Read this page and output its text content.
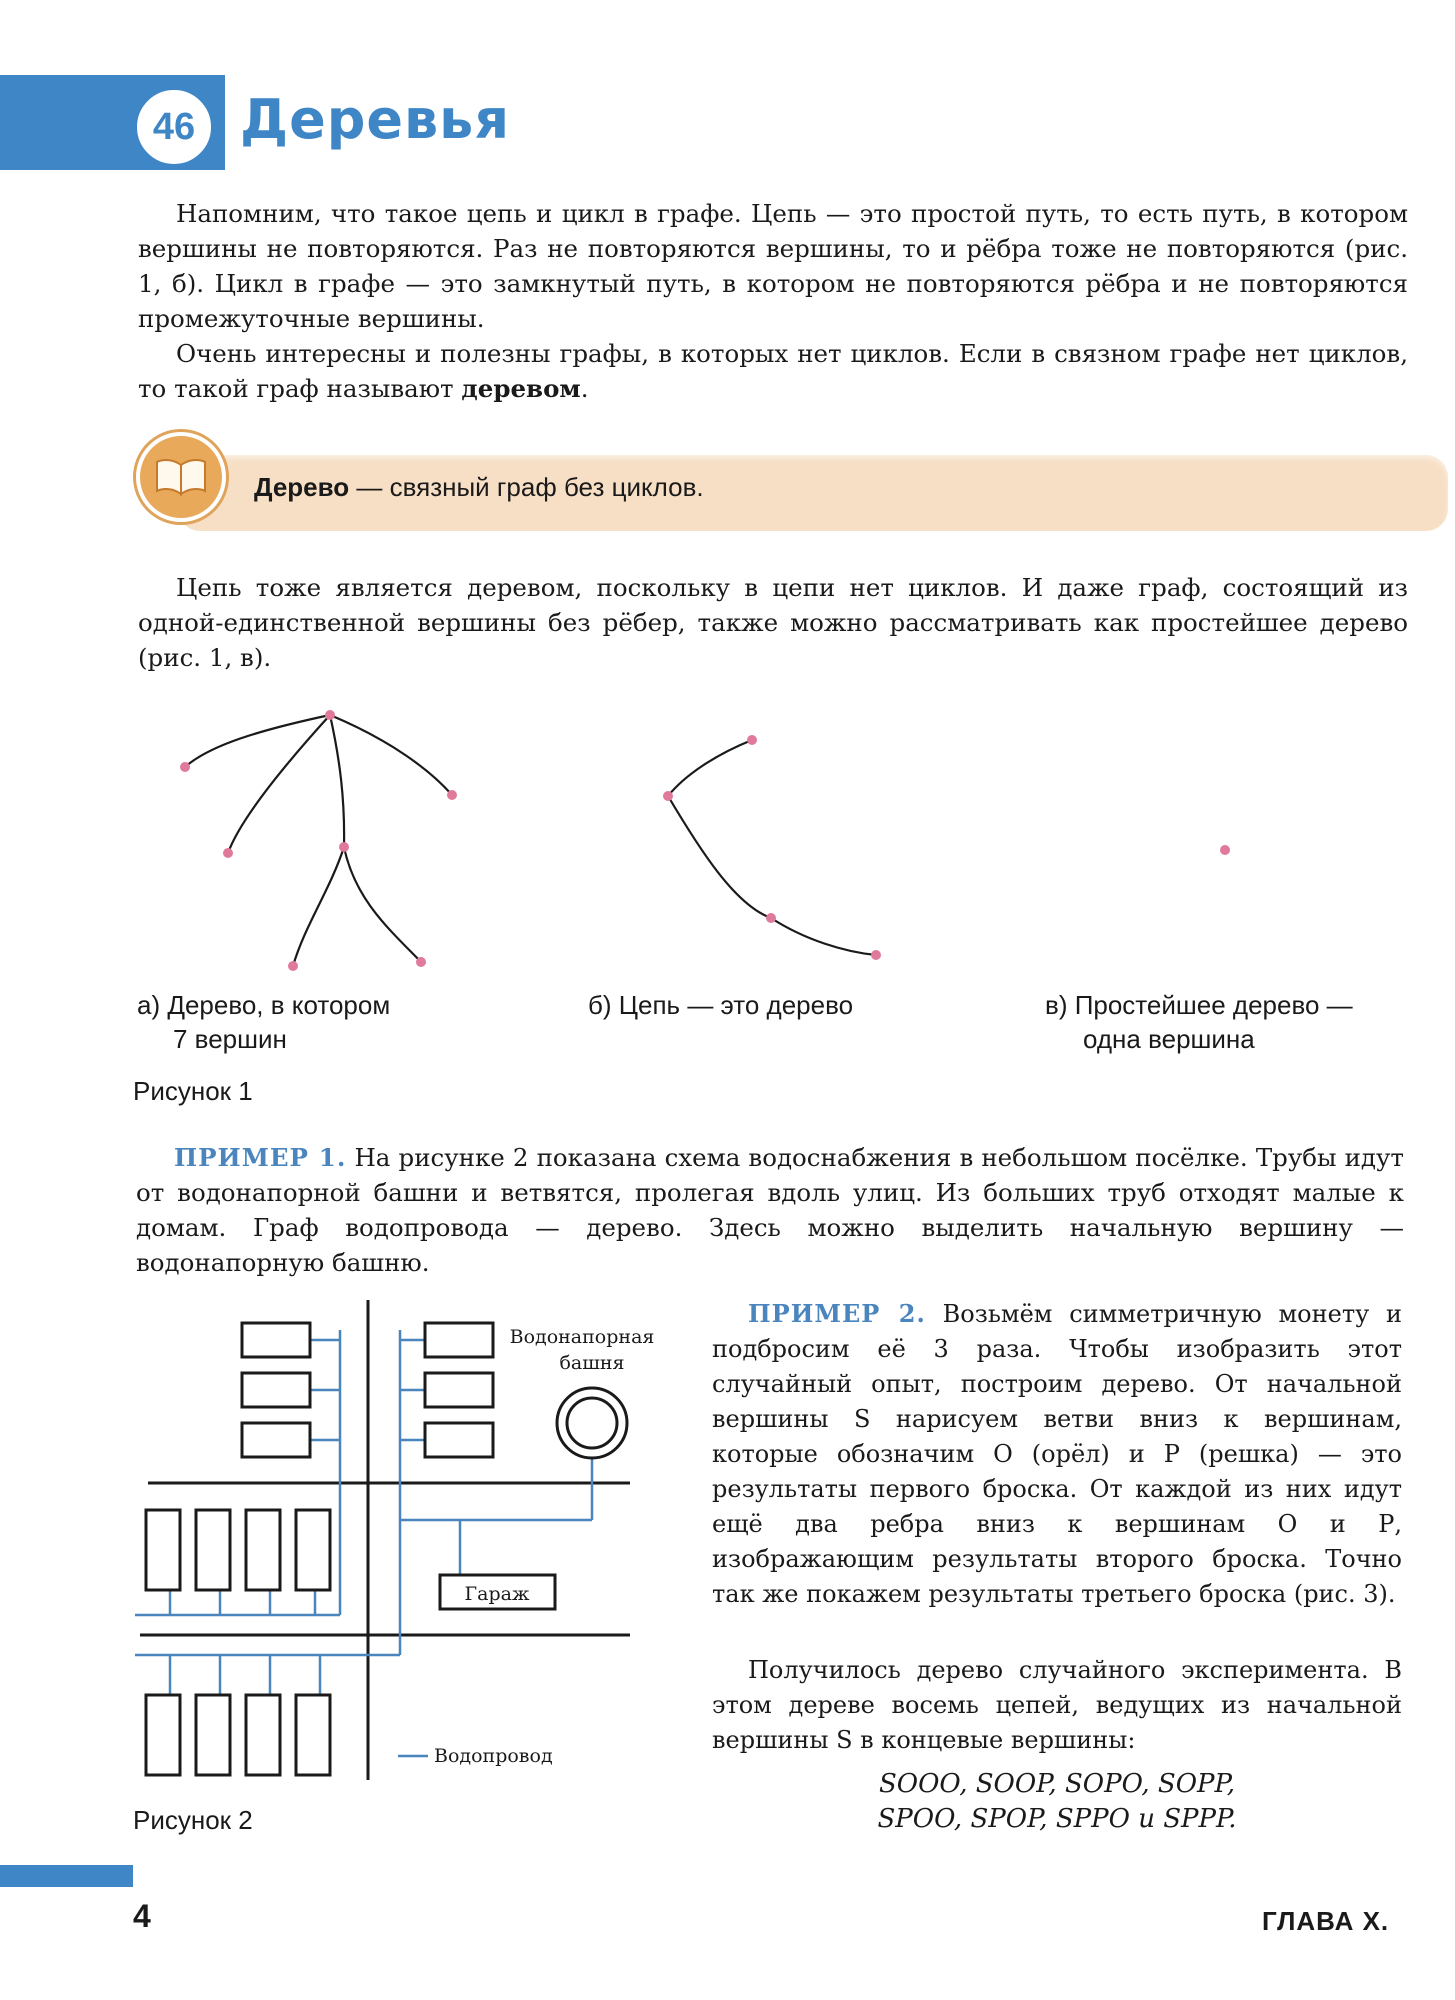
46 Деревья

Напомним, что такое цепь и цикл в графе. Цепь — это простой путь, то есть путь, в котором вершины не повторяются. Раз не повторяются вершины, то и рёбра тоже не повторяются (рис. 1, б). Цикл в графе — это замкнутый путь, в котором не повторяются рёбра и не повторяются промежуточные вершины.

Очень интересны и полезны графы, в которых нет циклов. Если в связном графе нет циклов, то такой граф называют деревом.

Дерево — связный граф без циклов.

Цепь тоже является деревом, поскольку в цепи нет циклов. И даже граф, состоящий из одной-единственной вершины без рёбер, также можно рассматривать как простейшее дерево (рис. 1, в).

а) Дерево, в котором
7 вершин
б) Цепь — это дерево	в) Простейшее дерево —
одна вершина
Рисунок 1

ПРИМЕР 1. На рисунке 2 показана схема водоснабжения в небольшом посёлке. Трубы идут от водонапорной башни и ветвятся, пролегая вдоль улиц. Из больших труб отходят малые к домам. Граф водопровода — дерево. Здесь можно выделить начальную вершину — водонапорную башню.

Водонапорная
башня
Гараж
Водопровод
Рисунок 2

ПРИМЕР 2. Возьмём симметричную монету и подбросим её 3 раза. Чтобы изобразить этот случайный опыт, построим дерево. От начальной вершины S нарисуем ветви вниз к вершинам, которые обозначим О (орёл) и Р (решка) — это результаты первого броска. От каждой из них идут ещё два ребра вниз к вершинам О и Р, изображающим результаты второго броска. Точно так же покажем результаты третьего броска (рис. 3).

Получилось дерево случайного эксперимента. В этом дереве восемь цепей, ведущих из начальной вершины S в концевые вершины:

SOOO, SOOP, SOPO, SOPP,
SPOO, SPOP, SPPO и SPPP.
4	ГЛАВА X.
